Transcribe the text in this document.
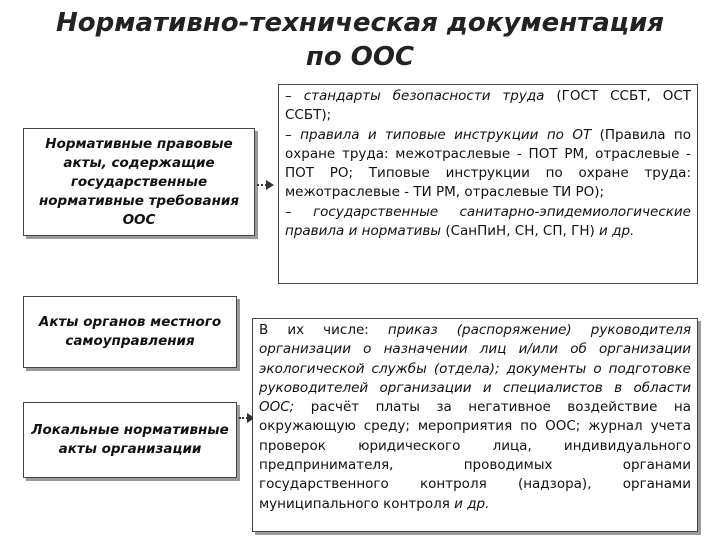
Нормативно-техническая документация
по ООС
Нормативные правовые акты, содержащие государственные нормативные требования ООС
Акты органов местного самоуправления
Локальные нормативные акты организации

– стандарты безопасности труда (ГОСТ ССБТ, ОСТ ССБТ);

– правила и типовые инструкции по ОТ (Правила по охране труда: межотраслевые - ПОТ РМ, отраслевые - ПОТ РО; Типовые инструкции по охране труда: межотраслевые - ТИ РМ, отраслевые ТИ РО);

– государственные санитарно-эпидемиологические правила и нормативы (СанПиН, СН, СП, ГН) и др.

В их числе: приказ (распоряжение) руководителя организации о назначении лиц и/или об организации экологической службы (отдела); документы о подготовке руководителей организации и специалистов в области ООС; расчёт платы за негативное воздействие на окружающую среду; мероприятия по ООС; журнал учета проверок юридического лица, индивидуального предпринимателя, проводимых органами государственного контроля (надзора), органами муниципального контроля и др.
